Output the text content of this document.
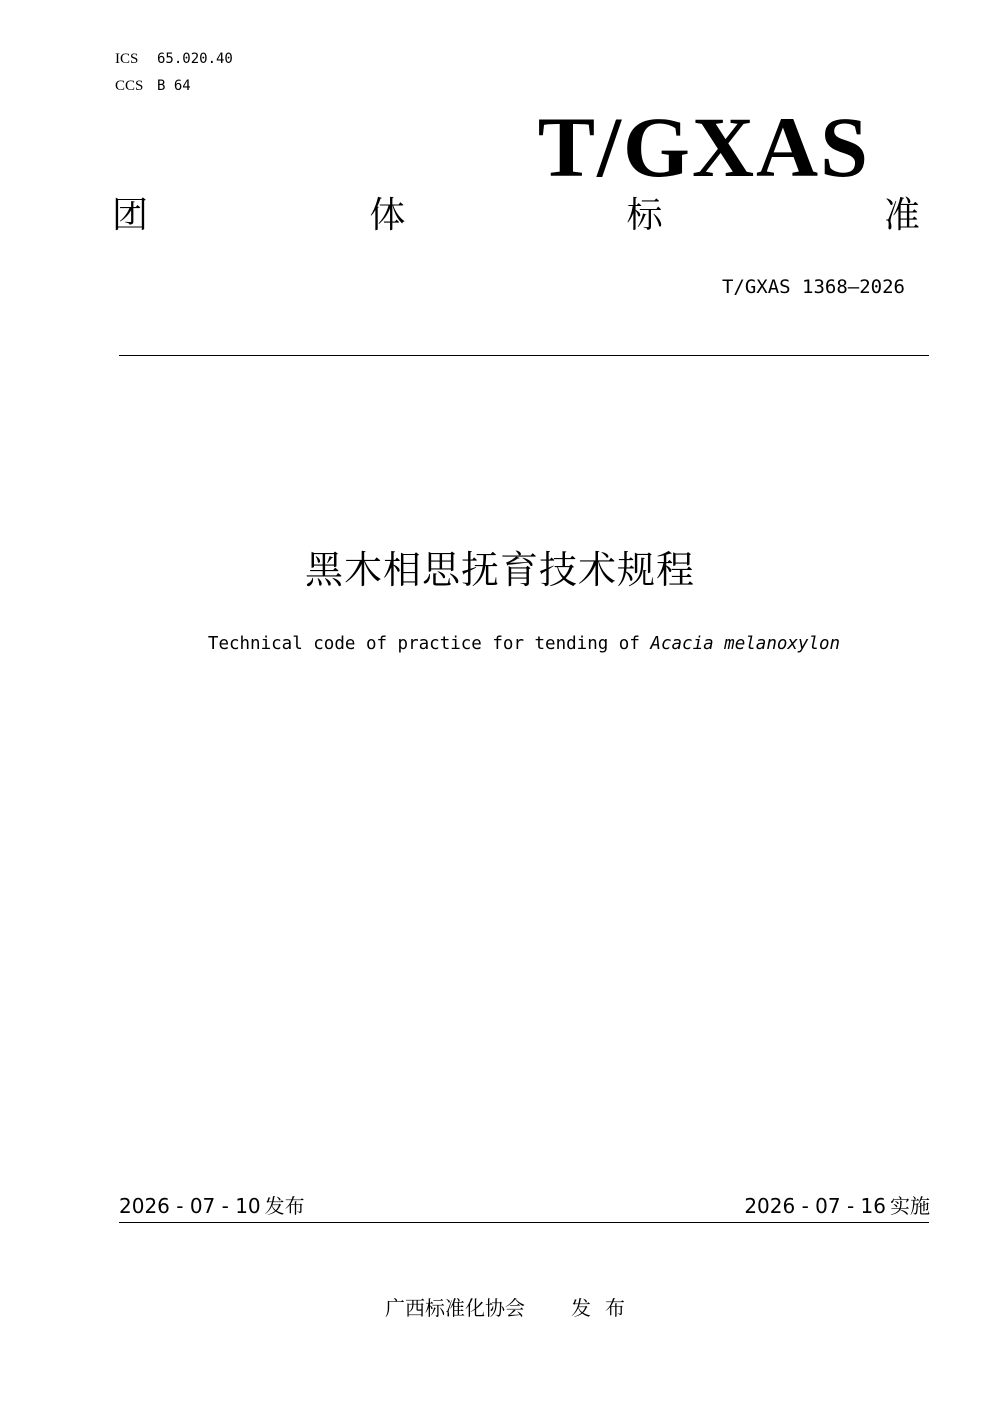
ICS 65.020.40
CCS B 64
T/GXAS
团	体	标	准
T/GXAS 1368—2026
黑木相思抚育技术规程
Technical code of practice for tending of Acacia melanoxylon
2026 - 07 - 10 发布	2026 - 07 - 16 实施
广西标准化协会 发布
